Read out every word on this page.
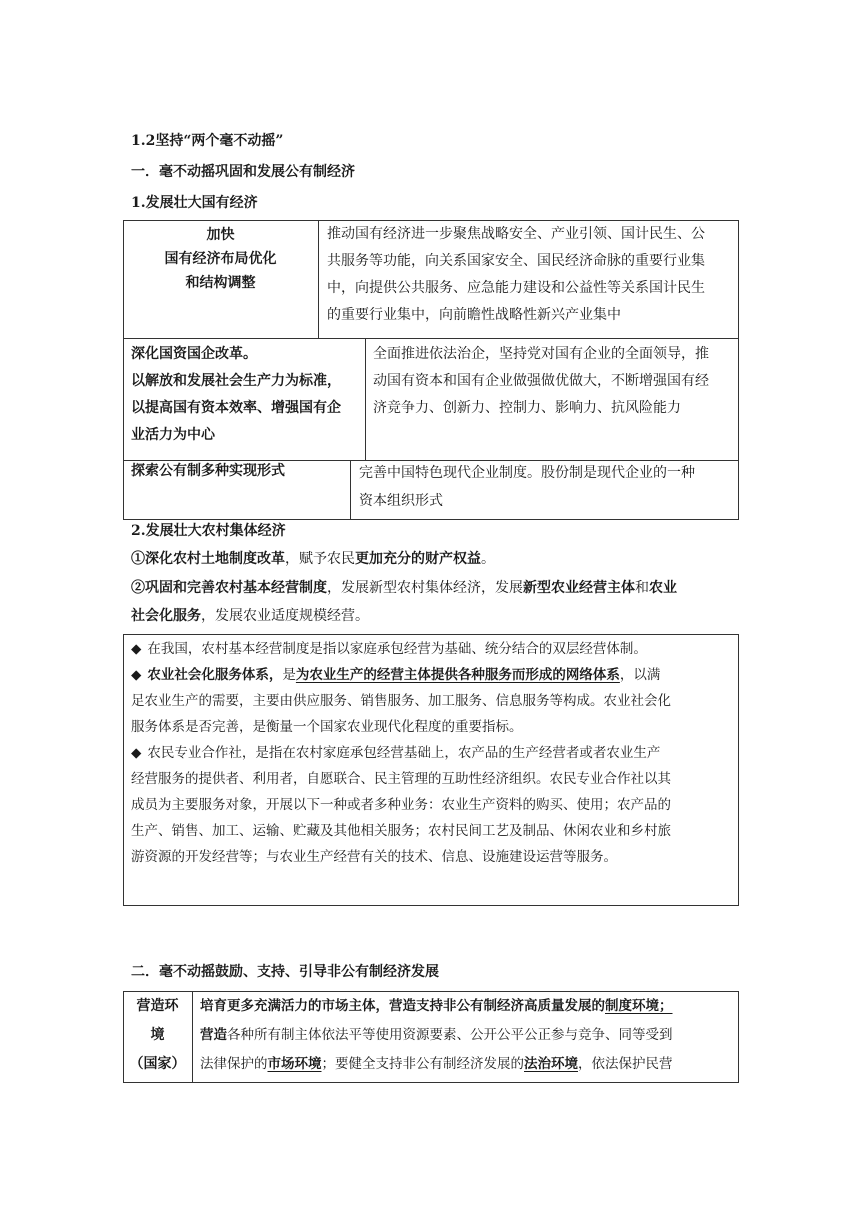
1.2坚持“两个毫不动摇”
一．毫不动摇巩固和发展公有制经济
1.发展壮大国有经济
加快
国有经济布局优化
和结构调整
推动国有经济进一步聚焦战略安全、产业引领、国计民生、公
共服务等功能，向关系国家安全、国民经济命脉的重要行业集
中，向提供公共服务、应急能力建设和公益性等关系国计民生
的重要行业集中，向前瞻性战略性新兴产业集中
深化国资国企改革。
以解放和发展社会生产力为标准，
以提高国有资本效率、增强国有企
业活力为中心
全面推进依法治企，坚持党对国有企业的全面领导，推
动国有资本和国有企业做强做优做大，不断增强国有经
济竞争力、创新力、控制力、影响力、抗风险能力
探索公有制多种实现形式	完善中国特色现代企业制度。股份制是现代企业的一种
资本组织形式
2.发展壮大农村集体经济
①深化农村土地制度改革，赋予农民更加充分的财产权益。
②巩固和完善农村基本经营制度，发展新型农村集体经济，发展新型农业经营主体和农业
社会化服务，发展农业适度规模经营。

◆ 在我国，农村基本经营制度是指以家庭承包经营为基础、统分结合的双层经营体制。

◆ 农业社会化服务体系，是为农业生产的经营主体提供各种服务而形成的网络体系，以满

足农业生产的需要，主要由供应服务、销售服务、加工服务、信息服务等构成。农业社会化

服务体系是否完善，是衡量一个国家农业现代化程度的重要指标。

◆ 农民专业合作社，是指在农村家庭承包经营基础上，农产品的生产经营者或者农业生产

经营服务的提供者、利用者，自愿联合、民主管理的互助性经济组织。农民专业合作社以其

成员为主要服务对象，开展以下一种或者多种业务：农业生产资料的购买、使用；农产品的

生产、销售、加工、运输、贮藏及其他相关服务；农村民间工艺及制品、休闲农业和乡村旅

游资源的开发经营等；与农业生产经营有关的技术、信息、设施建设运营等服务。

二．毫不动摇鼓励、支持、引导非公有制经济发展
营造环
境
（国家）
培育更多充满活力的市场主体，营造支持非公有制经济高质量发展的制度环境；
营造各种所有制主体依法平等使用资源要素、公开公平公正参与竞争、同等受到
法律保护的市场环境；要健全支持非公有制经济发展的法治环境，依法保护民营
